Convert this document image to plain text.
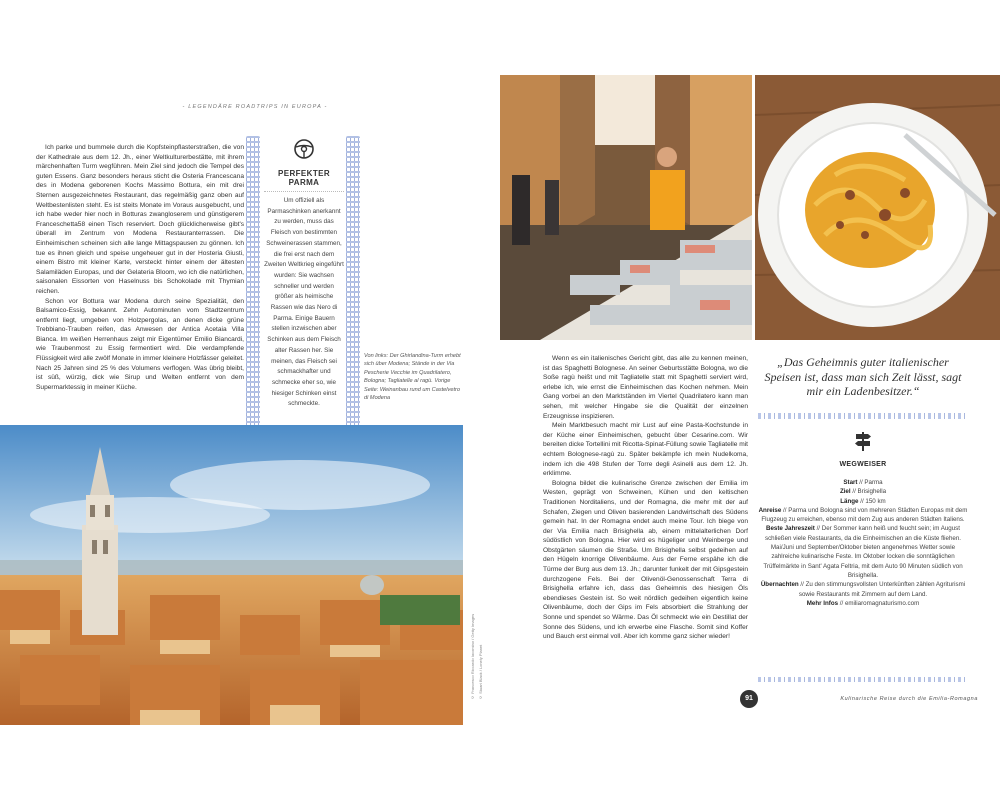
- LEGENDÄRE ROADTRIPS IN EUROPA -

Ich parke und bummele durch die Kopfsteinpflasterstraßen, die von der Kathedrale aus dem 12. Jh., einer Weltkulturerbestätte, mit ihrem märchenhaften Turm wegführen. Mein Ziel sind jedoch die Tempel des guten Essens. Ganz besonders heraus sticht die Osteria Francescana des in Modena geborenen Kochs Massimo Bottura, ein mit drei Sternen ausgezeichnetes Restaurant, das regelmäßig ganz oben auf Weltbestenlisten steht. Es ist steits Monate im Voraus ausgebucht, und ich habe weder hier noch in Botturas zwangloserem und günstigerem Franceschetta58 einen Tisch reserviert. Doch glücklicherweise gibt's überall im Zentrum von Modena Restauranterrassen. Die Einheimischen scheinen sich alle lange Mittagspausen zu gönnen. Ich tue es ihnen gleich und speise ungeheuer gut in der Hosteria Giusti, einem Bistro mit kleiner Karte, versteckt hinter einem der ältesten Salamiläden Europas, und der Gelateria Bloom, wo ich die natürlichen, saisonalen Eissorten von Haselnuss bis Schokolade mit Thymian reichen.

Schon vor Bottura war Modena durch seine Spezialität, den Balsamico-Essig, bekannt. Zehn Autominuten vom Stadtzentrum entfernt liegt, umgeben von Holzpergolas, an denen dicke grüne Trebbiano-Trauben reifen, das Anwesen der Antica Acetaia Villa Bianca. Im weißen Herrenhaus zeigt mir Eigentümer Emilio Biancardi, wie Traubenmost zu Essig fermentiert wird. Die verdampfende Flüssigkeit wird alle zwölf Monate in immer kleinere Holzfässer geleitet. Nach 25 Jahren sind 25 % des Volumens verflogen. Was übrig bleibt, ist süß, würzig, dick wie Sirup und Welten entfernt von dem Supermarktessig in meiner Küche.

PERFEKTER PARMA
Um offiziell als Parmaschinken anerkannt zu werden, muss das Fleisch von bestimmten Schweinerassen stammen, die frei erst nach dem Zweiten Weltkrieg eingeführt wurden: Sie wachsen schneller und werden größer als heimische Rassen wie das Nero di Parma. Einige Bauern stellen inzwischen aber Schinken aus dem Fleisch alter Rassen her. Sie meinen, das Fleisch sei schmackhafter und schmecke eher so, wie hiesiger Schinken einst schmeckte.
Von links: Der Ghirlandina-Turm erhebt sich über Modena; Stände in der Via Pescherie Vecchie im Quadrilatero, Bologna; Tagliatelle al ragù. Vorige Seite: Weinanbau rund um Castelvetro di Modena
© Francesco Riccardo Iacomino / Getty Images © Stuart Black / Lonely Planet

Wenn es ein italienisches Gericht gibt, das alle zu kennen meinen, ist das Spaghetti Bolognese. An seiner Geburtsstätte Bologna, wo die Soße ragù heißt und mit Tagliatelle statt mit Spaghetti serviert wird, erlebe ich, wie ernst die Einheimischen das Kochen nehmen. Mein Gang vorbei an den Marktständen im Viertel Quadrilatero kann man sehen, mit welcher Hingabe sie die Qualität der einzelnen Erzeugnisse inspizieren.

Mein Marktbesuch macht mir Lust auf eine Pasta-Kochstunde in der Küche einer Einheimischen, gebucht über Cesarine.com. Wir bereiten dicke Tortellini mit Ricotta-Spinat-Füllung sowie Tagliatelle mit echtem Bolognese-ragù zu. Später bekämpfe ich mein Nudelkoma, indem ich die 498 Stufen der Torre degli Asinelli aus dem 12. Jh. erklimme.

Bologna bildet die kulinarische Grenze zwischen der Emilia im Westen, geprägt von Schweinen, Kühen und den keltischen Traditionen Norditaliens, und der Romagna, die mehr mit der auf Schafen, Ziegen und Oliven basierenden Landwirtschaft des Südens gemein hat. In der Romagna endet auch meine Tour. Ich biege von der Via Emilia nach Brisighella ab, einem mittelalterlichen Dorf südöstlich von Bologna. Hier wird es hügeliger und Weinberge und Obstgärten säumen die Straße. Um Brisighella selbst gedeihen auf den Hügeln knorrige Olivenbäume. Aus der Ferne erspähe ich die Türme der Burg aus dem 13. Jh.; darunter funkelt der mit Gipsgestein durchzogene Fels. Bei der Olivenöl-Genossenschaft Terra di Brisighella erfahre ich, dass das Geheimnis des hiesigen Öls ebendieses Gestein ist. So weit nördlich gedeihen eigentlich keine Olivenbäume, doch der Gips im Fels absorbiert die Strahlung der Sonne und spendet so Wärme. Das Öl schmeckt wie ein Destillat der Sonne des Südens, und ich erwerbe eine Flasche. Somit sind Koffer und Bauch erst einmal voll. Aber ich komme ganz sicher wieder!

„Das Geheimnis guter italienischer Speisen ist, dass man sich Zeit lässt, sagt mir ein Ladenbesitzer.“
WEGWEISER
Start // Parma
Ziel // Brisighella
Länge // 150 km
Anreise // Parma und Bologna sind von mehreren Städten Europas mit dem Flugzeug zu erreichen, ebenso mit dem Zug aus anderen Städten Italiens.
Beste Jahreszeit // Der Sommer kann heiß und feucht sein; im August schließen viele Restaurants, da die Einheimischen an die Küste fliehen. Mai/Juni und September/Oktober bieten angenehmes Wetter sowie zahlreiche kulinarische Feste. Im Oktober locken die sonntäglichen Trüffelmärkte in Sant' Agata Feltria, mit dem Auto 90 Minuten südlich von Brisighella.
Übernachten // Zu den stimmungsvollsten Unterkünften zählen Agriturismi sowie Restaurants mit Zimmern auf dem Land.
Mehr Infos // emiliaromagnaturismo.com
91	Kulinarische Reise durch die Emilia-Romagna
